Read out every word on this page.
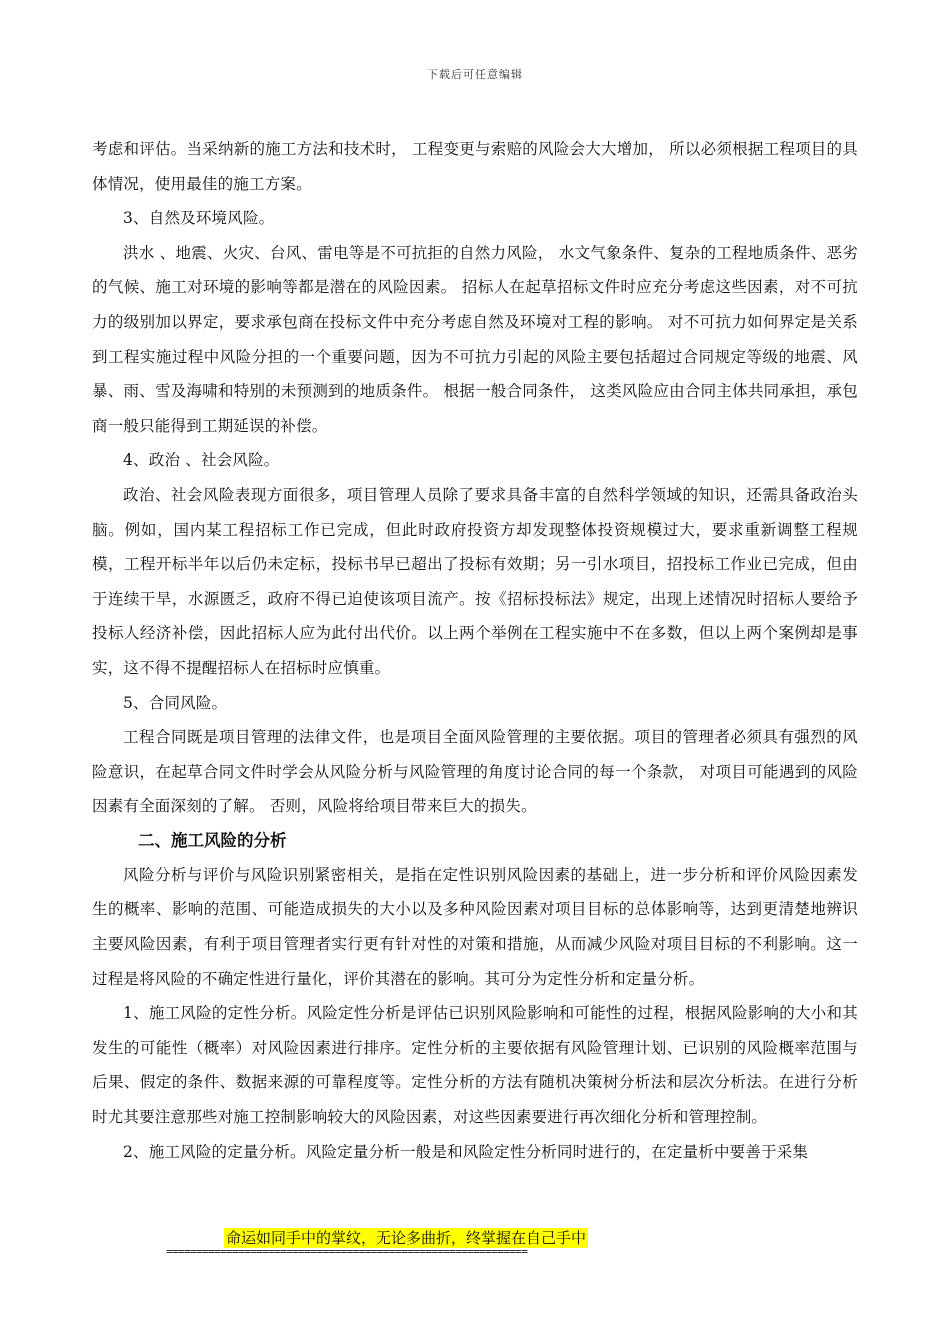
下载后可任意编辑

考虑和评估。当采纳新的施工方法和技术时， 工程变更与索赔的风险会大大增加， 所以必须根据工程项目的具体情况，使用最佳的施工方案。

3、自然及环境风险。

洪水 、地震、火灾、台风、雷电等是不可抗拒的自然力风险， 水文气象条件、复杂的工程地质条件、恶劣的气候、施工对环境的影响等都是潜在的风险因素。 招标人在起草招标文件时应充分考虑这些因素，对不可抗力的级别加以界定，要求承包商在投标文件中充分考虑自然及环境对工程的影响。 对不可抗力如何界定是关系到工程实施过程中风险分担的一个重要问题，因为不可抗力引起的风险主要包括超过合同规定等级的地震、风暴、雨、雪及海啸和特别的未预测到的地质条件。 根据一般合同条件， 这类风险应由合同主体共同承担，承包商一般只能得到工期延误的补偿。

4、政治 、社会风险。

政治、社会风险表现方面很多，项目管理人员除了要求具备丰富的自然科学领域的知识，还需具备政治头脑。例如，国内某工程招标工作已完成，但此时政府投资方却发现整体投资规模过大，要求重新调整工程规模，工程开标半年以后仍未定标，投标书早已超出了投标有效期；另一引水项目，招投标工作业已完成，但由于连续干旱，水源匮乏，政府不得已迫使该项目流产。按《招标投标法》规定，出现上述情况时招标人要给予投标人经济补偿，因此招标人应为此付出代价。以上两个举例在工程实施中不在多数，但以上两个案例却是事实，这不得不提醒招标人在招标时应慎重。

5、合同风险。

工程合同既是项目管理的法律文件，也是项目全面风险管理的主要依据。项目的管理者必须具有强烈的风险意识，在起草合同文件时学会从风险分析与风险管理的角度讨论合同的每一个条款， 对项目可能遇到的风险因素有全面深刻的了解。 否则，风险将给项目带来巨大的损失。

二、施工风险的分析

风险分析与评价与风险识别紧密相关，是指在定性识别风险因素的基础上，进一步分析和评价风险因素发生的概率、影响的范围、可能造成损失的大小以及多种风险因素对项目目标的总体影响等，达到更清楚地辨识主要风险因素，有利于项目管理者实行更有针对性的对策和措施，从而减少风险对项目目标的不利影响。这一过程是将风险的不确定性进行量化，评价其潜在的影响。其可分为定性分析和定量分析。

1、施工风险的定性分析。风险定性分析是评估已识别风险影响和可能性的过程，根据风险影响的大小和其发生的可能性（概率）对风险因素进行排序。定性分析的主要依据有风险管理计划、已识别的风险概率范围与后果、假定的条件、数据来源的可靠程度等。定性分析的方法有随机决策树分析法和层次分析法。在进行分析时尤其要注意那些对施工控制影响较大的风险因素，对这些因素要进行再次细化分析和管理控制。

2、施工风险的定量分析。风险定量分析一般是和风险定性分析同时进行的，在定量析中要善于采集

命运如同手中的掌纹，无论多曲折，终掌握在自己手中
============================================================
